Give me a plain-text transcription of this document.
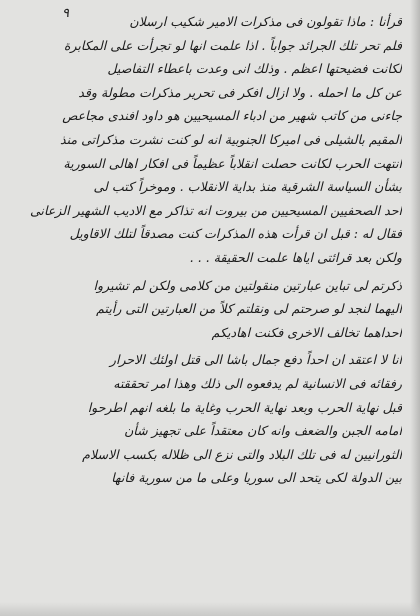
٩
قرأنا : ماذا تقولون فى مذكرات الامير شكيب ارسلان
فلم تحر تلك الجرائد جواباً . اذا علمت انها لو تجرأت على المكابرة
لكانت فضيحتها اعظم . وذلك انى وعدت باعطاء التفاصيل
عن كل ما احمله . ولا ازال افكر فى تحرير مذكرات مطولة وقد
جاءنى من كاتب شهير من ادباء المسيحيين هو داود افندى مجاعص
المقيم بالشيلى فى اميركا الجنوبية انه لو كنت نشرت مذكراتى منذ
انتهت الحرب لكانت حصلت انقلاباً عظيماً فى افكار اهالى السورية
بشأن السياسة الشرقية منذ بداية الانقلاب . وموخراً كتب لى
احد الصحفيين المسيحيين من بيروت انه تذاكر مع الاديب الشهير الزعانى
فقال له : قبل ان قرأت هذه المذكرات كنت مصدقاً لتلك الاقاويل
ولكن بعد قرائتى اياها علمت الحقيقة . . .
ذكرتم لى تباين عبارتين منقولتين من كلامى ولكن لم تشيروا
اليهما لنجد لو صرحتم لى ونقلتم كلاً من العبارتين التى رأيتم
احداهما تخالف الاخرى فكنت اهاديكم
انا لا اعتقد ان احداً دفع جمال باشا الى قتل اولئك الاحرار
رفقائه فى الانسانية لم يدفعوه الى ذلك وهذا امر تحققته
قبل نهاية الحرب وبعد نهاية الحرب وغاية ما بلغه انهم اطرحوا
امامه الجبن والضعف وانه كان معتقداً على تجهيز شأن
الثورانيين له فى تلك البلاد والتى نزع الى ظلاله بكسب الاسلام
بين الدولة لكى يتحد الى سوريا وعلى ما من سورية فانها
